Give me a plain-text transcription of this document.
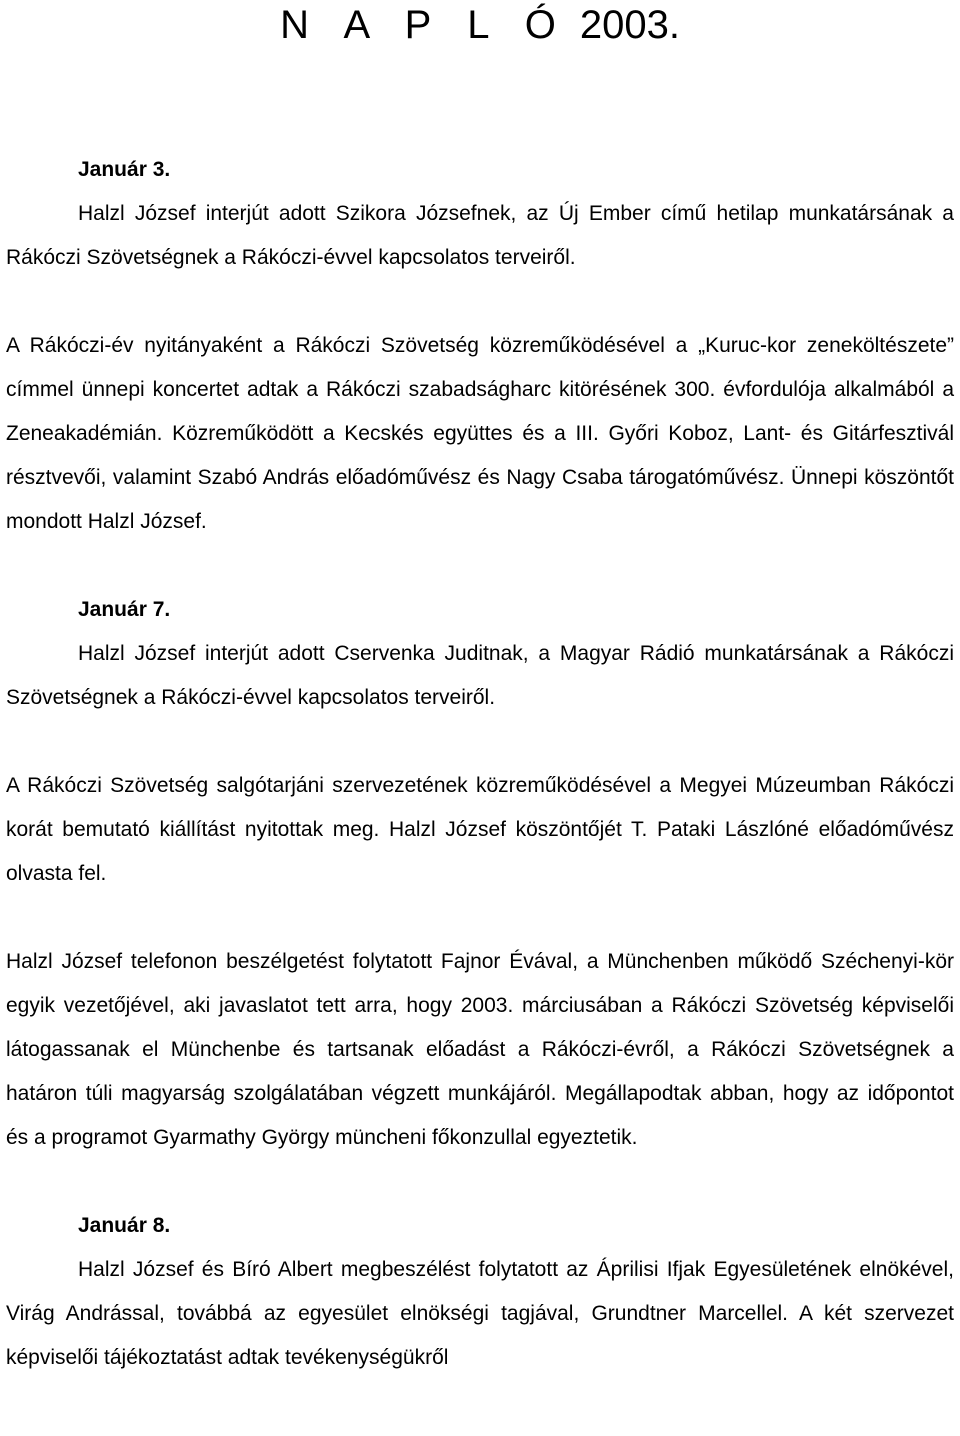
N A P L Ó 2003.

Január 3.

Halzl József interjút adott Szikora Józsefnek, az Új Ember című hetilap munkatársának a Rákóczi Szövetségnek a Rákóczi-évvel kapcsolatos terveiről.

A Rákóczi-év nyitányaként a Rákóczi Szövetség közreműködésével a „Kuruc-kor zeneköltészete” címmel ünnepi koncertet adtak a Rákóczi szabadságharc kitörésének 300. évfordulója alkalmából a Zeneakadémián. Közreműködött a Kecskés együttes és a III. Győri Koboz, Lant- és Gitárfesztivál résztvevői, valamint Szabó András előadóművész és Nagy Csaba tárogatóművész. Ünnepi köszöntőt mondott Halzl József.

Január 7.

Halzl József interjút adott Cservenka Juditnak, a Magyar Rádió munkatársának a Rákóczi Szövetségnek a Rákóczi-évvel kapcsolatos terveiről.

A Rákóczi Szövetség salgótarjáni szervezetének közreműködésével a Megyei Múzeumban Rákóczi korát bemutató kiállítást nyitottak meg. Halzl József köszöntőjét T. Pataki Lászlóné előadóművész olvasta fel.

Halzl József telefonon beszélgetést folytatott Fajnor Évával, a Münchenben működő Széchenyi-kör egyik vezetőjével, aki javaslatot tett arra, hogy 2003. márciusában a Rákóczi Szövetség képviselői látogassanak el Münchenbe és tartsanak előadást a Rákóczi-évről, a Rákóczi Szövetségnek a határon túli magyarság szolgálatában végzett munkájáról. Megállapodtak abban, hogy az időpontot és a programot Gyarmathy György müncheni főkonzullal egyeztetik.

Január 8.

Halzl József és Bíró Albert megbeszélést folytatott az Áprilisi Ifjak Egyesületének elnökével, Virág Andrással, továbbá az egyesület elnökségi tagjával, Grundtner Marcellel. A két szervezet képviselői tájékoztatást adtak tevékenységükről
